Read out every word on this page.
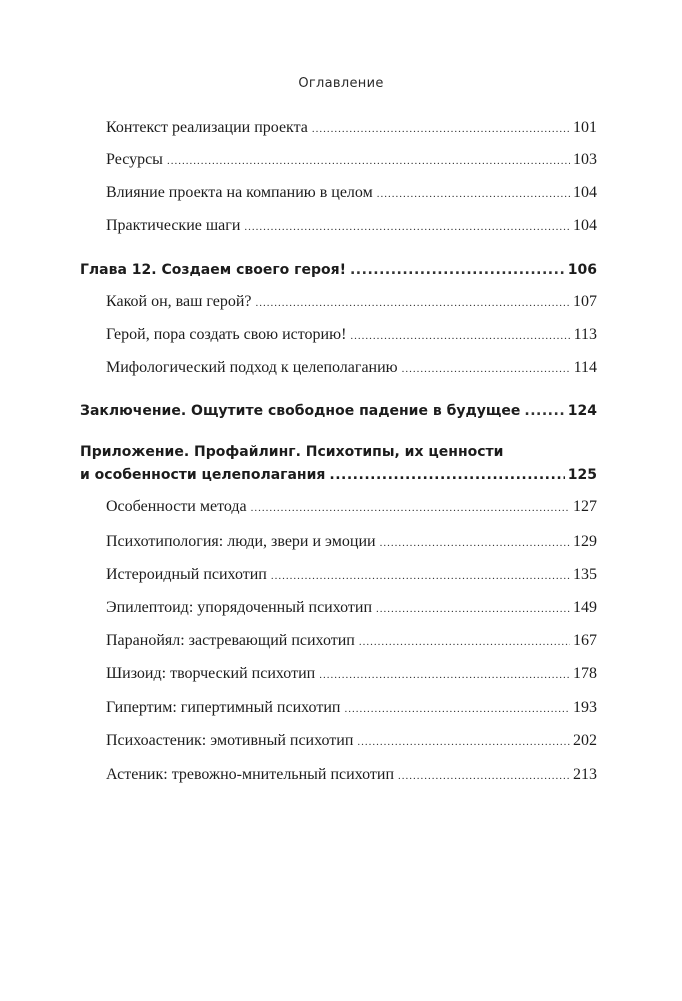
Оглавление
Контекст реализации проекта .....	101
Ресурсы .....	103
Влияние проекта на компанию в целом .....	104
Практические шаги .....	104
Глава 12. Создаем своего героя! .....	106
Какой он, ваш герой? .....	107
Герой, пора создать свою историю! .....	113
Мифологический подход к целеполаганию .....	114
Заключение. Ощутите свободное падение в будущее .....	124
Приложение. Профайлинг. Психотипы, их ценности
и особенности целеполагания .....	125
Особенности метода .....	127
Психотипология: люди, звери и эмоции .....	129
Истероидный психотип .....	135
Эпилептоид: упорядоченный психотип .....	149
Паранойял: застревающий психотип .....	167
Шизоид: творческий психотип .....	178
Гипертим: гипертимный психотип .....	193
Психоастеник: эмотивный психотип .....	202
Астеник: тревожно-мнительный психотип .....	213
